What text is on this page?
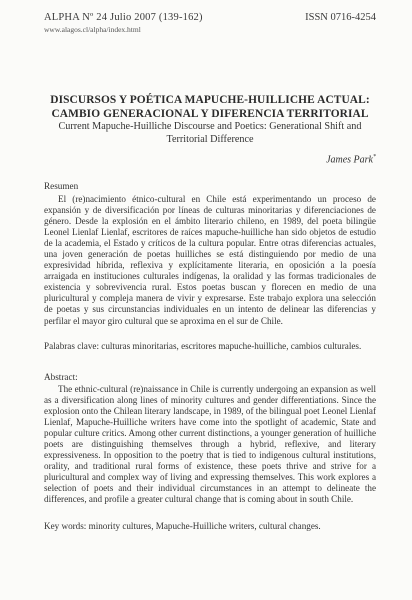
ALPHA Nº 24 Julio 2007 (139-162)
www.alagos.cl/alpha/index.html
ISSN 0716-4254
DISCURSOS Y POÉTICA MAPUCHE-HUILLICHE ACTUAL:
CAMBIO GENERACIONAL Y DIFERENCIA TERRITORIAL
Current Mapuche-Huilliche Discourse and Poetics: Generational Shift and
Territorial Difference
James Park*
Resumen
El (re)nacimiento étnico-cultural en Chile está experimentando un proceso de expansión y de diversificación por líneas de culturas minoritarias y diferenciaciones de género. Desde la explosión en el ámbito literario chileno, en 1989, del poeta bilingüe Leonel Lienlaf Lienlaf, escritores de raíces mapuche-huilliche han sido objetos de estudio de la academia, el Estado y críticos de la cultura popular. Entre otras diferencias actuales, una joven generación de poetas huilliches se está distinguiendo por medio de una expresividad híbrida, reflexiva y explícitamente literaria, en oposición a la poesía arraigada en instituciones culturales indígenas, la oralidad y las formas tradicionales de existencia y sobrevivencia rural. Estos poetas buscan y florecen en medio de una pluricultural y compleja manera de vivir y expresarse. Este trabajo explora una selección de poetas y sus circunstancias individuales en un intento de delinear las diferencias y perfilar el mayor giro cultural que se aproxima en el sur de Chile.
Palabras clave: culturas minoritarias, escritores mapuche-huilliche, cambios culturales.
Abstract:
The ethnic-cultural (re)naissance in Chile is currently undergoing an expansion as well as a diversification along lines of minority cultures and gender differentiations. Since the explosion onto the Chilean literary landscape, in 1989, of the bilingual poet Leonel Lienlaf Lienlaf, Mapuche-Huilliche writers have come into the spotlight of academic, State and popular culture critics. Among other current distinctions, a younger generation of huilliche poets are distinguishing themselves through a hybrid, reflexive, and literary expressiveness. In opposition to the poetry that is tied to indigenous cultural institutions, orality, and traditional rural forms of existence, these poets thrive and strive for a pluricultural and complex way of living and expressing themselves. This work explores a selection of poets and their individual circumstances in an attempt to delineate the differences, and profile a greater cultural change that is coming about in south Chile.
Key words: minority cultures, Mapuche-Huilliche writers, cultural changes.
